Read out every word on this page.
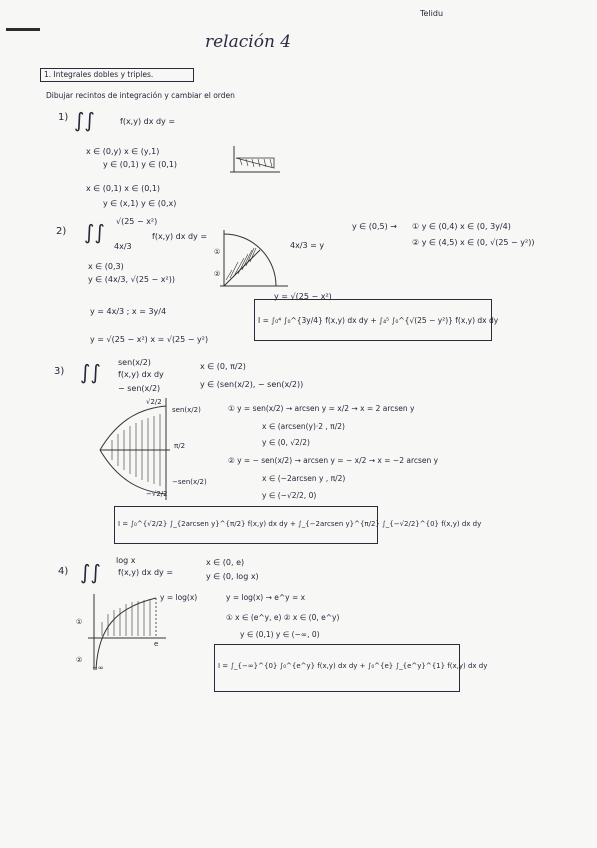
Telidu
relación 4
1. Integrales dobles y triples.
Dibujar recintos de integración y cambiar el orden
1) ∫∫	f(x,y) dx dy =
x ∈ (0,y) x ∈ (y,1)
y ∈ (0,1) y ∈ (0,1)
x ∈ (0,1) x ∈ (0,1)
y ∈ (x,1) y ∈ (0,x)
2) ∫∫ √(25 − x²)
4x/3
f(x,y) dx dy =
x ∈ (0,3)
y ∈ (4x/3, √(25 − x²))
y = 4x/3 ; x = 3y/4
y = √(25 − x²) x = √(25 − y²)
y ∈ (0,5) → ① y ∈ (0,4) x ∈ (0, 3y/4)
② y ∈ (4,5) x ∈ (0, √(25 − y²))
①
②
4x/3 = y
y = √(25 − x²)
I = ∫₀⁴ ∫₀^{3y/4} f(x,y) dx dy + ∫₄⁵ ∫₀^{√(25 − y²)} f(x,y) dx dy
3) ∫∫ sen(x/2)
f(x,y) dx dy
− sen(x/2)
x ∈ (0, π/2)
y ∈ (sen(x/2), − sen(x/2))
√2/2
−√2/2
sen(x/2)
−sen(x/2)
π/2
① y = sen(x/2) → arcsen y = x/2 → x = 2 arcsen y
x ∈ (arcsen(y)·2 , π/2)
y ∈ (0, √2/2)
② y = − sen(x/2) → arcsen y = − x/2 → x = −2 arcsen y
x ∈ (−2arcsen y , π/2)
y ∈ (−√2/2, 0)
I = ∫₀^{√2/2} ∫_{2arcsen y}^{π/2} f(x,y) dx dy + ∫_{−2arcsen y}^{π/2} ∫_{−√2/2}^{0} f(x,y) dx dy
4) ∫∫ log x
f(x,y) dx dy =
x ∈ (0, e)
y ∈ (0, log x)
①
②
y = log(x)
e
−∞
y = log(x) → e^y = x
① x ∈ (e^y, e) ② x ∈ (0, e^y)
y ∈ (0,1) y ∈ (−∞, 0)
I = ∫_{−∞}^{0} ∫₀^{e^y} f(x,y) dx dy + ∫₀^{e} ∫_{e^y}^{1} f(x,y) dx dy
